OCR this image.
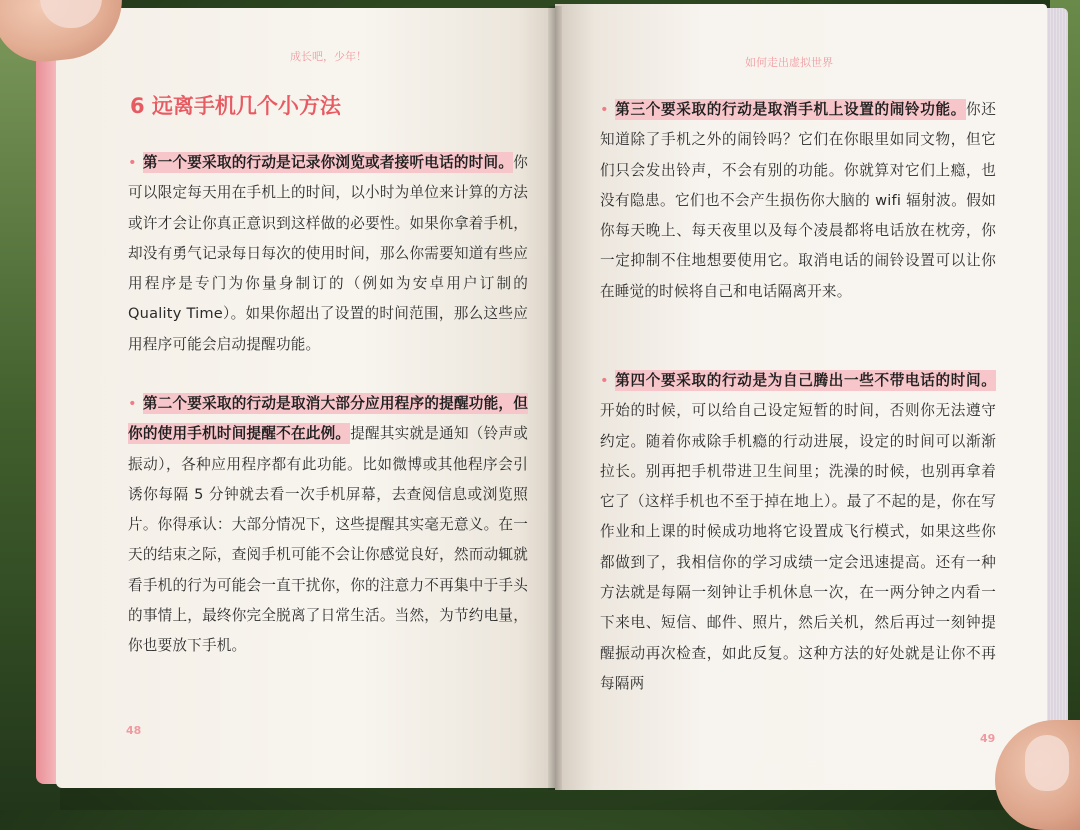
成长吧，少年！
6 远离手机几个小方法
• 第一个要采取的行动是记录你浏览或者接听电话的时间。你可以限定每天用在手机上的时间，以小时为单位来计算的方法或许才会让你真正意识到这样做的必要性。如果你拿着手机，却没有勇气记录每日每次的使用时间，那么你需要知道有些应用程序是专门为你量身制订的（例如为安卓用户订制的 Quality Time）。如果你超出了设置的时间范围，那么这些应用程序可能会启动提醒功能。
• 第二个要采取的行动是取消大部分应用程序的提醒功能，但你的使用手机时间提醒不在此例。提醒其实就是通知（铃声或振动），各种应用程序都有此功能。比如微博或其他程序会引诱你每隔 5 分钟就去看一次手机屏幕，去查阅信息或浏览照片。你得承认：大部分情况下，这些提醒其实毫无意义。在一天的结束之际，查阅手机可能不会让你感觉良好，然而动辄就看手机的行为可能会一直干扰你，你的注意力不再集中于手头的事情上，最终你完全脱离了日常生活。当然，为节约电量，你也要放下手机。
48
如何走出虚拟世界
• 第三个要采取的行动是取消手机上设置的闹铃功能。你还知道除了手机之外的闹铃吗？它们在你眼里如同文物，但它们只会发出铃声，不会有别的功能。你就算对它们上瘾，也没有隐患。它们也不会产生损伤你大脑的 wifi 辐射波。假如你每天晚上、每天夜里以及每个凌晨都将电话放在枕旁，你一定抑制不住地想要使用它。取消电话的闹铃设置可以让你在睡觉的时候将自己和电话隔离开来。
• 第四个要采取的行动是为自己腾出一些不带电话的时间。开始的时候，可以给自己设定短暂的时间，否则你无法遵守约定。随着你戒除手机瘾的行动进展，设定的时间可以渐渐拉长。别再把手机带进卫生间里；洗澡的时候，也别再拿着它了（这样手机也不至于掉在地上）。最了不起的是，你在写作业和上课的时候成功地将它设置成飞行模式，如果这些你都做到了，我相信你的学习成绩一定会迅速提高。还有一种方法就是每隔一刻钟让手机休息一次，在一两分钟之内看一下来电、短信、邮件、照片，然后关机，然后再过一刻钟提醒振动再次检查，如此反复。这种方法的好处就是让你不再每隔两
49
